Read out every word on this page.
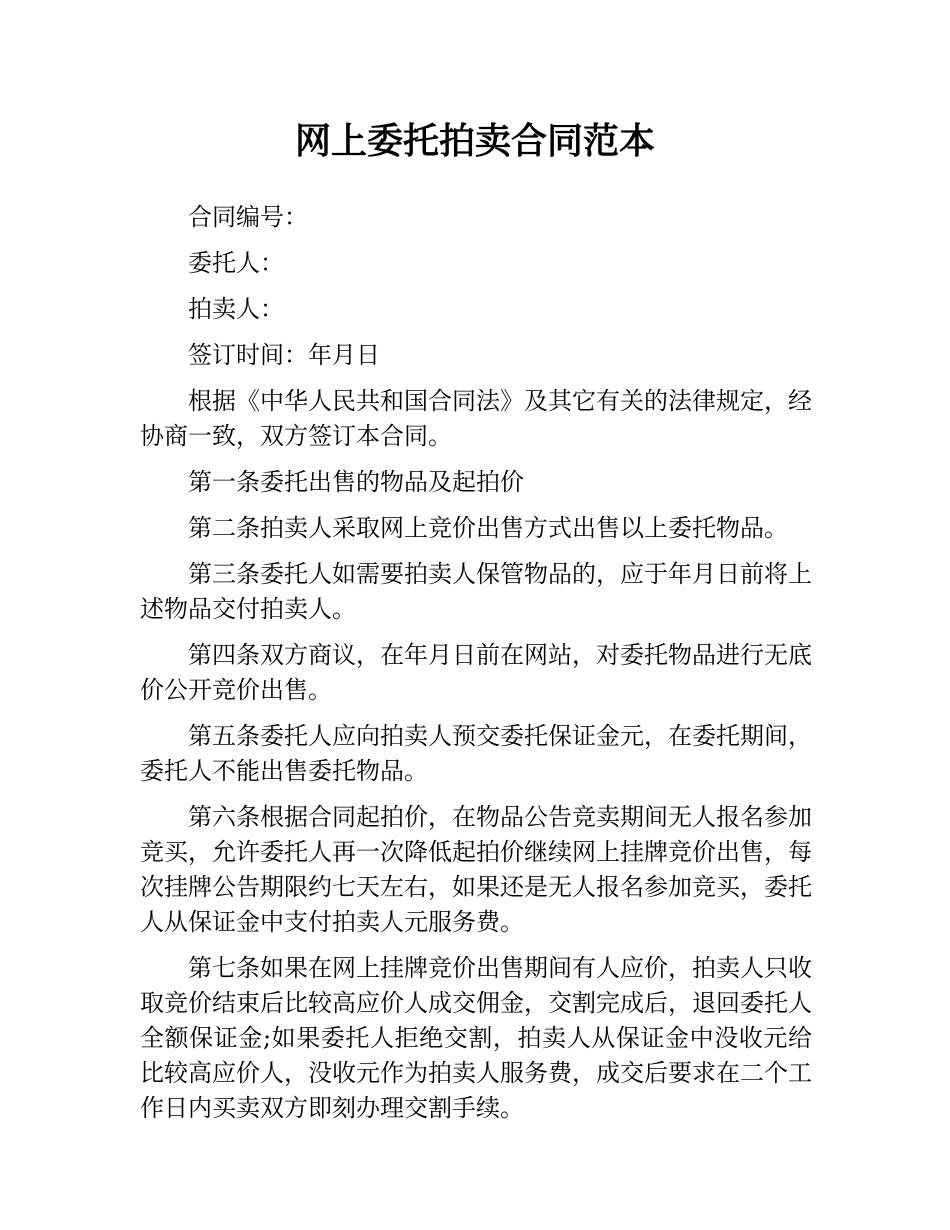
网上委托拍卖合同范本

合同编号：

委托人：

拍卖人：

签订时间：年月日

根据《中华人民共和国合同法》及其它有关的法律规定，经协商一致，双方签订本合同。

第一条委托出售的物品及起拍价

第二条拍卖人采取网上竞价出售方式出售以上委托物品。

第三条委托人如需要拍卖人保管物品的，应于年月日前将上述物品交付拍卖人。

第四条双方商议，在年月日前在网站，对委托物品进行无底价公开竞价出售。

第五条委托人应向拍卖人预交委托保证金元，在委托期间，委托人不能出售委托物品。

第六条根据合同起拍价，在物品公告竞卖期间无人报名参加竞买，允许委托人再一次降低起拍价继续网上挂牌竞价出售，每次挂牌公告期限约七天左右，如果还是无人报名参加竞买，委托人从保证金中支付拍卖人元服务费。

第七条如果在网上挂牌竞价出售期间有人应价，拍卖人只收取竞价结束后比较高应价人成交佣金，交割完成后，退回委托人全额保证金;如果委托人拒绝交割，拍卖人从保证金中没收元给比较高应价人，没收元作为拍卖人服务费，成交后要求在二个工作日内买卖双方即刻办理交割手续。
